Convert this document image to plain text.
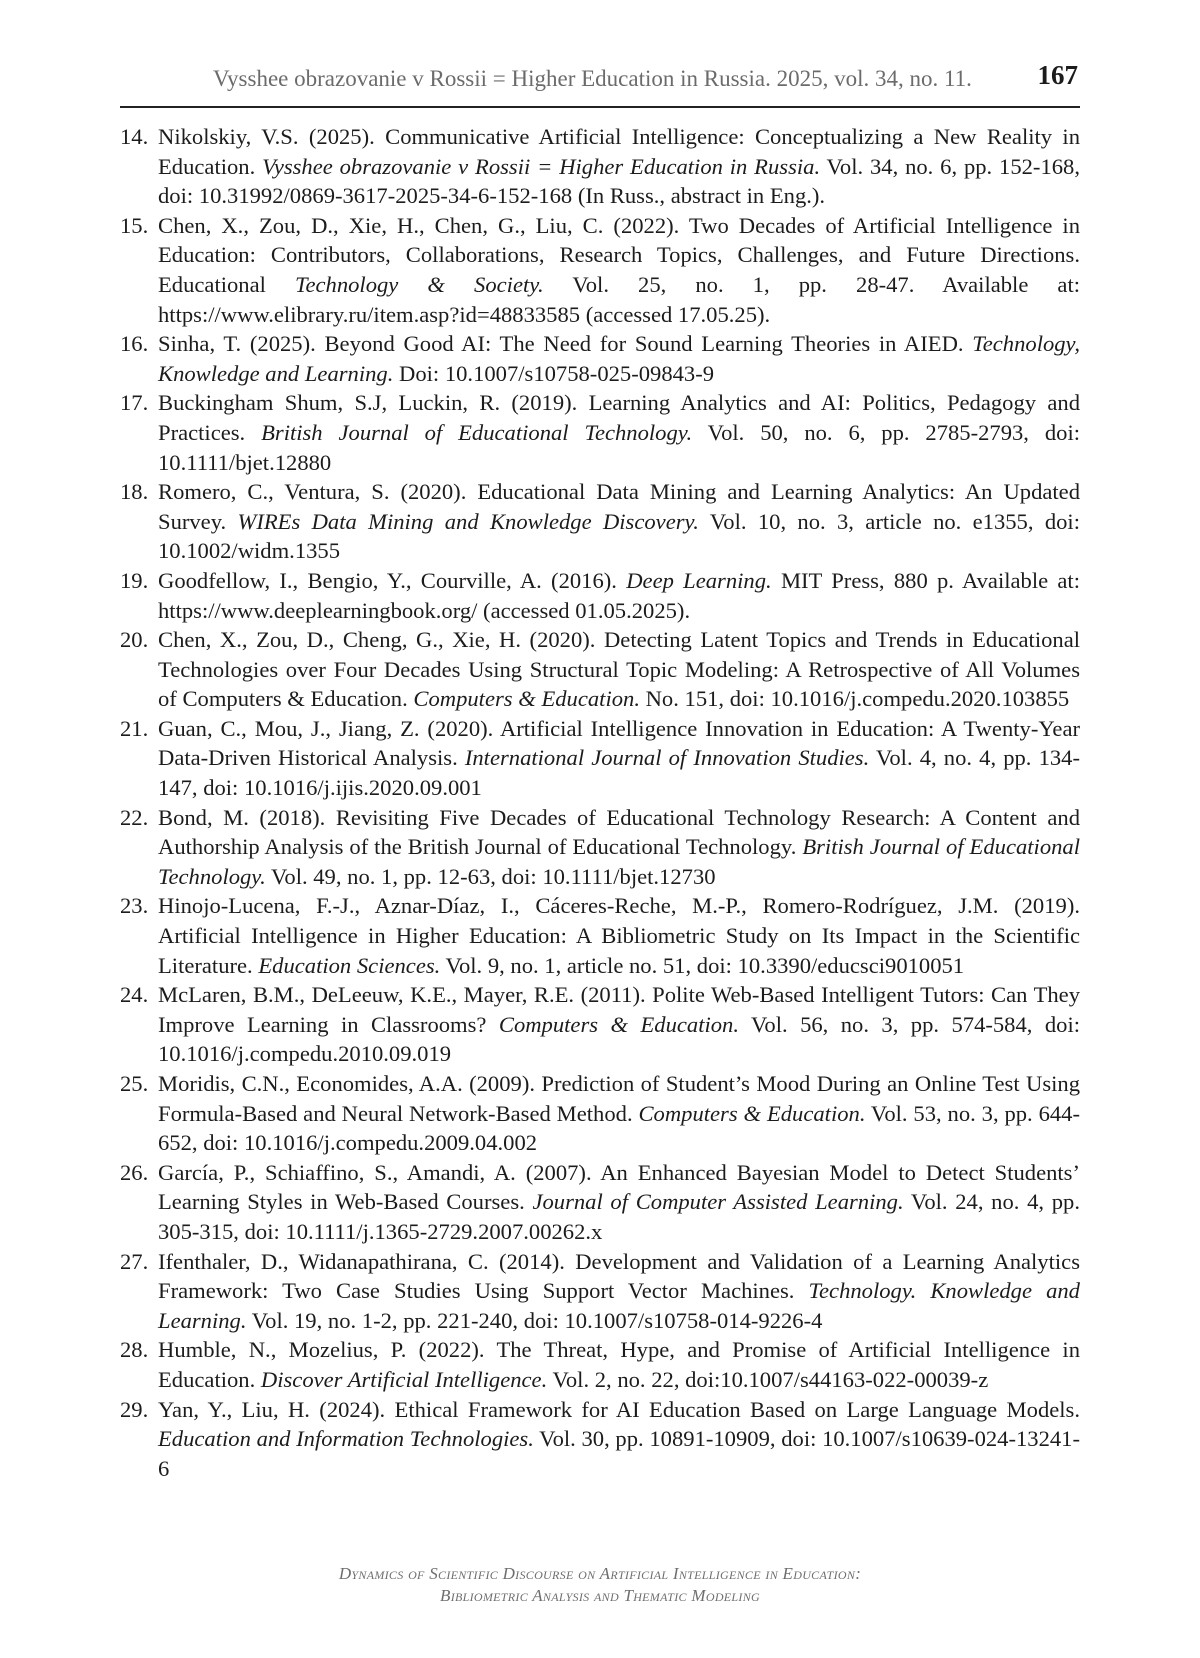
Vysshee obrazovanie v Rossii = Higher Education in Russia. 2025, vol. 34, no. 11. 167
14. Nikolskiy, V.S. (2025). Communicative Artificial Intelligence: Conceptualizing a New Reality in Education. Vysshee obrazovanie v Rossii = Higher Education in Russia. Vol. 34, no. 6, pp. 152-168, doi: 10.31992/0869-3617-2025-34-6-152-168 (In Russ., abstract in Eng.).
15. Chen, X., Zou, D., Xie, H., Chen, G., Liu, C. (2022). Two Decades of Artificial Intelligence in Education: Contributors, Collaborations, Research Topics, Challenges, and Future Directions. Educational Technology & Society. Vol. 25, no. 1, pp. 28-47. Available at: https://www.elibrary.ru/item.asp?id=48833585 (accessed 17.05.25).
16. Sinha, T. (2025). Beyond Good AI: The Need for Sound Learning Theories in AIED. Technology, Knowledge and Learning. Doi: 10.1007/s10758-025-09843-9
17. Buckingham Shum, S.J, Luckin, R. (2019). Learning Analytics and AI: Politics, Pedagogy and Practices. British Journal of Educational Technology. Vol. 50, no. 6, pp. 2785-2793, doi: 10.1111/bjet.12880
18. Romero, C., Ventura, S. (2020). Educational Data Mining and Learning Analytics: An Updated Survey. WIREs Data Mining and Knowledge Discovery. Vol. 10, no. 3, article no. e1355, doi: 10.1002/widm.1355
19. Goodfellow, I., Bengio, Y., Courville, A. (2016). Deep Learning. MIT Press, 880 p. Available at: https://www.deeplearningbook.org/ (accessed 01.05.2025).
20. Chen, X., Zou, D., Cheng, G., Xie, H. (2020). Detecting Latent Topics and Trends in Educational Technologies over Four Decades Using Structural Topic Modeling: A Retrospective of All Volumes of Computers & Education. Computers & Education. No. 151, doi: 10.1016/j.compedu.2020.103855
21. Guan, C., Mou, J., Jiang, Z. (2020). Artificial Intelligence Innovation in Education: A Twenty-Year Data-Driven Historical Analysis. International Journal of Innovation Studies. Vol. 4, no. 4, pp. 134-147, doi: 10.1016/j.ijis.2020.09.001
22. Bond, M. (2018). Revisiting Five Decades of Educational Technology Research: A Content and Authorship Analysis of the British Journal of Educational Technology. British Journal of Educational Technology. Vol. 49, no. 1, pp. 12-63, doi: 10.1111/bjet.12730
23. Hinojo-Lucena, F.-J., Aznar-Díaz, I., Cáceres-Reche, M.-P., Romero-Rodríguez, J.M. (2019). Artificial Intelligence in Higher Education: A Bibliometric Study on Its Impact in the Scientific Literature. Education Sciences. Vol. 9, no. 1, article no. 51, doi: 10.3390/educsci9010051
24. McLaren, B.M., DeLeeuw, K.E., Mayer, R.E. (2011). Polite Web-Based Intelligent Tutors: Can They Improve Learning in Classrooms? Computers & Education. Vol. 56, no. 3, pp. 574-584, doi: 10.1016/j.compedu.2010.09.019
25. Moridis, C.N., Economides, A.A. (2009). Prediction of Student’s Mood During an Online Test Using Formula-Based and Neural Network-Based Method. Computers & Education. Vol. 53, no. 3, pp. 644-652, doi: 10.1016/j.compedu.2009.04.002
26. García, P., Schiaffino, S., Amandi, A. (2007). An Enhanced Bayesian Model to Detect Students’ Learning Styles in Web-Based Courses. Journal of Computer Assisted Learning. Vol. 24, no. 4, pp. 305-315, doi: 10.1111/j.1365-2729.2007.00262.x
27. Ifenthaler, D., Widanapathirana, C. (2014). Development and Validation of a Learning Analytics Framework: Two Case Studies Using Support Vector Machines. Technology. Knowledge and Learning. Vol. 19, no. 1-2, pp. 221-240, doi: 10.1007/s10758-014-9226-4
28. Humble, N., Mozelius, P. (2022). The Threat, Hype, and Promise of Artificial Intelligence in Education. Discover Artificial Intelligence. Vol. 2, no. 22, doi:10.1007/s44163-022-00039-z
29. Yan, Y., Liu, H. (2024). Ethical Framework for AI Education Based on Large Language Models. Education and Information Technologies. Vol. 30, pp. 10891-10909, doi: 10.1007/s10639-024-13241-6
Dynamics of Scientific Discourse on Artificial Intelligence in Education:
Bibliometric Analysis and Thematic Modeling
